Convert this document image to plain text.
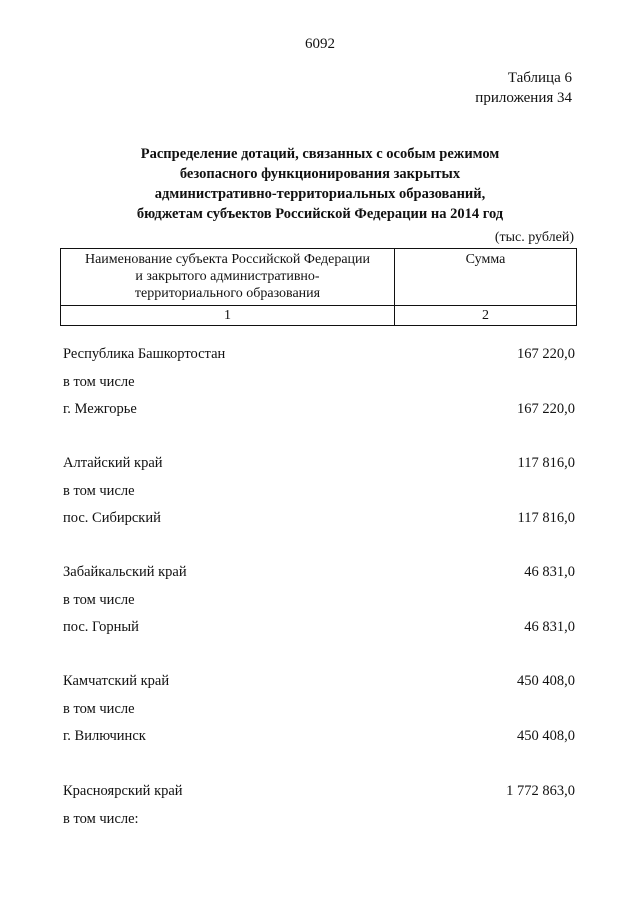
6092
Таблица 6
приложения 34
Распределение дотаций, связанных с особым режимом
безопасного функционирования закрытых
административно-территориальных образований,
бюджетам субъектов Российской Федерации на 2014 год
(тыс. рублей)
Наименование субъекта Российской Федерации
и закрытого административно-
территориального образования	Сумма
1	2
Республика Башкортостан	167 220,0
в том числе
г. Межгорье	167 220,0
Алтайский край	117 816,0
в том числе
пос. Сибирский	117 816,0
Забайкальский край	46 831,0
в том числе
пос. Горный	46 831,0
Камчатский край	450 408,0
в том числе
г. Вилючинск	450 408,0
Красноярский край	1 772 863,0
в том числе:
